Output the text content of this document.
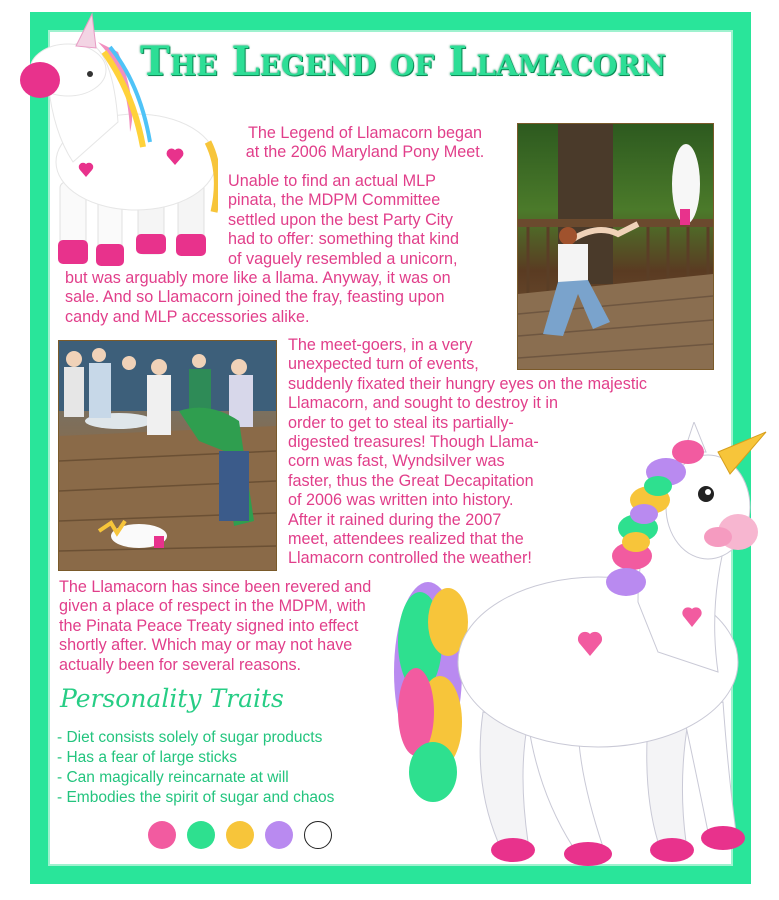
The Legend of Llamacorn

The Legend of Llamacorn began
at the 2006 Maryland Pony Meet.

Unable to find an actual MLP
pinata, the MDPM Committee
settled upon the best Party City
had to offer: something that kind
of vaguely resembled a unicorn,
but was arguably more like a llama. Anyway, it was on
sale. And so Llamacorn joined the fray, feasting upon
candy and MLP accessories alike.

The meet-goers, in a very
unexpected turn of events,
suddenly fixated their hungry eyes on the majestic
Llamacorn, and sought to destroy it in
order to get to steal its partially-
digested treasures! Though Llama-
corn was fast, Wyndsilver was
faster, thus the Great Decapitation
of 2006 was written into history.
After it rained during the 2007
meet, attendees realized that the
Llamacorn controlled the weather!

The Llamacorn has since been revered and
given a place of respect in the MDPM, with
the Pinata Peace Treaty signed into effect
shortly after. Which may or may not have
actually been for several reasons.

Personality Traits
- Diet consists solely of sugar products
- Has a fear of large sticks
- Can magically reincarnate at will
- Embodies the spirit of sugar and chaos
